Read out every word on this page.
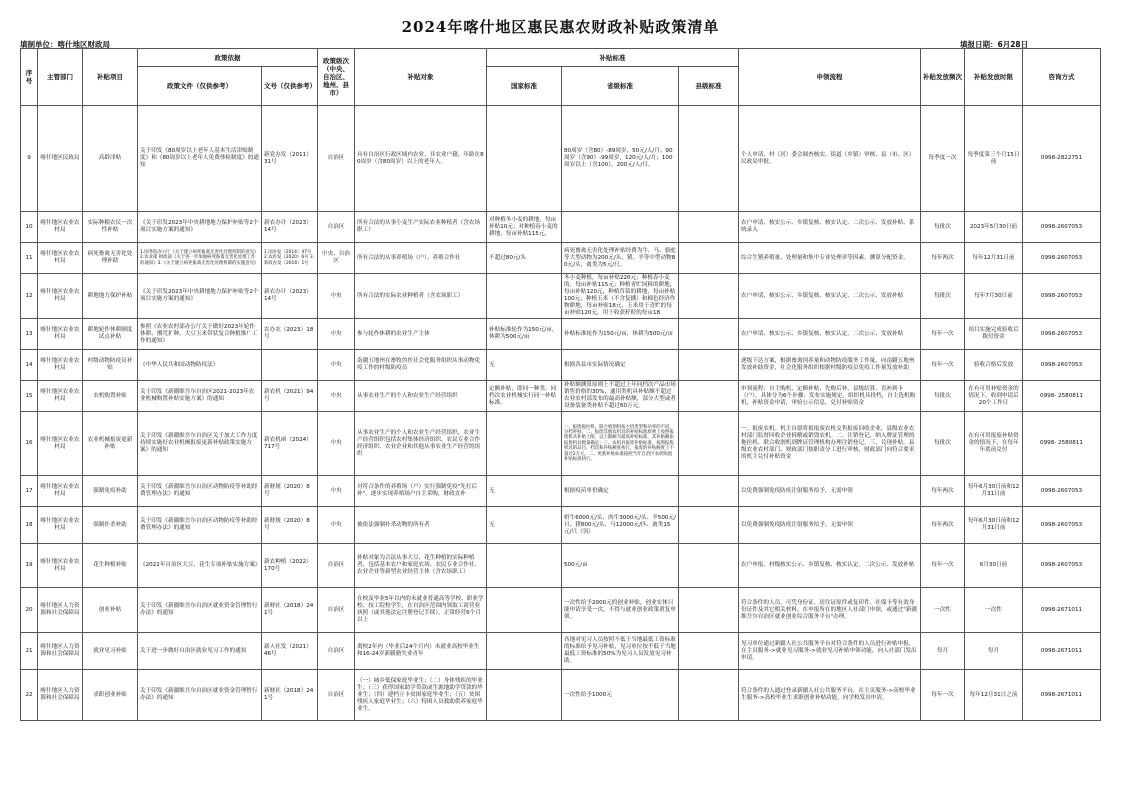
2024年喀什地区惠民惠农财政补贴政策清单
填制单位：喀什地区财政局	填报日期：6月28日
序号	主管部门	补贴项目	政策依据		政策级次（中央、自治区、地州、县市）	补贴对象	补贴标准			申领流程	补贴发放频次	补贴发放时限	咨询方式
			政策文件（仅供参考）	文号（仅供参考）			国家标准	省级标准	县级标准				
9	喀什地区民政局	高龄津贴	关于印发《80周岁以上老年人基本生活津贴制度》和《80周岁以上老年人免费体检制度》的通知	新党办发（2011）31号	自治区	具有自治区行政区域内农业、非农业户籍，年龄在80周岁（含80周岁）以上的老年人。		80周岁（含80）-89周岁，50元/人/月；90周岁（含90）-99周岁，120元/人/月；100周岁以上（含100），200元/人/月。		个人申请，村（居）委会调查核实、街道（乡镇）审核、县（市、区）民政局审批。	每季度一次	每季度第三个月15日前	0998-2822751
10	喀什地区农业农村局	实际种粮农民一次性补贴	《关于印发2023年中央耕地地力保护补贴等2个项目实施方案的通知》	新农办计（2023）14号	自治区	所有合法的从事小麦生产实际农业种植者（含农场职工）	对种植冬小麦的耕地，每亩补贴10元；对种植春小麦的耕地，每亩补贴115元。			农户申请、核实公示、乡镇复核、核实认定、二次公示、发放补贴、系统录入	每批次	2023年5月30日前	0998-2607053
11	喀什地区农业农村局	病死畜禽无害化处理补助	1.国务院办公厅《关于建立病死畜禽无害化处理机制的意见》2.农业部 财政部《关于进一步加强病死畜禽无害化处理工作的通知》3.《关于建立病死畜禽无害化处理机制的实施意见》	1.国办发（2014）47号 2.农医发（2020）6号 3.新政办发（2016）1号	中央、自治区	所有合法的从事养殖场（户）、养殖合作社	不超过80元/头	病死畜禽无害化处理补贴经费为牛、马、骆驼等大型动物为200元/头，猪、羊等中型动物80元/头，禽类为5元/只。		综合生猪养殖量、处理量和集中专业处理率等因素，测算分配资金。	每年两次	每年12月31日前	0998-2607053
12	喀什地区农业农村局	耕地地力保护补贴	《关于印发2023年中央耕地地力保护补贴等2个项目实施方案的通知》	新农办计（2023）14号	中央	所有合法的实际农业种植者（含农场职工）		冬小麦种植，每亩补贴220元；种植春小麦的，每亩补贴115元；种植青贮饲料的耕地，每亩补贴120元，种植苜蓿的耕地，每亩补贴100元；种植玉米（不含复播）和棉色经济作物耕地，每亩补贴18元，玉米用于青贮的每亩补贴120元，用于收获籽粒的每亩18		农户申请、核实公示、乡镇复核、核实认定、二次公示、发放补贴	每批次	每年7月30日前	0998-2607053
13	喀什地区农业农村局	耕地轮作休耕制度试点补贴	参照《农业农村部办公厅关于做好2023年轮作休耕、撂荒扩种、大豆玉米带状复合种植推广工作的通知》	农办农（2023）18号	中央	参与轮作休耕的农业生产主体	补贴标准轮作为150元/亩，休耕为500元/亩	补贴标准轮作为150元/亩，休耕为500元/亩		农户申请、核实公示、乡镇复核、核实认定、二次公示、发放补贴	每年一次	项目实施完成验收后拨付资金	0998-2607053
14	喀什地区农业农村局	村级动物防疫员补贴	《中华人民共和国动物防疫法》		中央	南疆五地州在畜牧兽医社会化服务组织从事动物免疫工作的村级防疫员	无	根据各县市实际情况确定		逐级下达方案，根据畜禽饲养量和动物防疫服务工作量，向南疆五地州发放补助资金，社会化服务组织根据村级防疫员免疫工作量发放补助	每年一次	验收合格后发放	0998-2607053
15	喀什地区农业农村局	农机购置补贴	关于印发《新疆维吾尔自治区2021-2023年农业机械购置补贴实施方案》的通知	新农机（2021）94号	中央	从事农业生产的个人和农业生产经营组织	定额补贴，即同一种类、同档次农业机械实行同一补贴标准。	补贴额测算原则上不超过上年同档次产品市场销售价格的30%，通用类机具补贴额不超过农业农村部发布的最高补贴额，部分大型或者设备装备类补贴不超过60万元。		申领流程：自主购机、定额补贴、先购后补、县级结算、直补到卡（户）。具体分为6个步骤：发布实施规定，组织机具投档，自主选机购机，补贴资金申请，审验公示信息，兑付补贴资金	每批次	在有可用补贴资金的情况下，收到申请后20个工作日	0998- 2580811
16	喀什地区农业农村局	农业机械报废更新补贴	关于印发《新疆维吾尔自治区关于加大工作力度持续实施好农业机械报废更新补贴政策实施方案》的通知	新农机函（2024）717号	中央	从事农业生产的个人和农业生产经营组织，农业生产经营组织包括农村集体经济组织、农民专业合作经济组织、农业企业和其他从事农业生产经营的组织		一、报废拖拉机、联合收割机按主机类型和功率的不同，分档补贴；二、报废其他农机具的补贴标准原则上按照报废机具补贴上限，以上限额为最高补贴标准，其补贴额由报废机具数量确定；三、农机具报废补贴标准，按照报废机具的品目、档次和补贴额度执行，报废的补贴额度上不超过2万元。二、更新补贴标准按照当年自治区农机购置补贴标准执行。		一、报废农机。机主自愿将拟报废农机交售报废回收企业，县级农业农村部门监督回收企业拆解或销毁农机。二、注销登记，纳入牌证管理的拖拉机、联合收割机到牌证管理机构办理注销登记。三、兑现补贴。县级农业农村部门、财政部门按职责分工进行审核，财政部门向符合要求的机主兑付补贴资金	每批次	在有可用报废补贴资金的情况下，在每年年底前兑付	0998- 2580811
17	喀什地区农业农村局	强制免疫补助	关于印发《新疆维吾尔自治区动物防疫等补助经费管理办法》的通知	新财规（2020）8号	中央	对符合条件的养殖场（户）实行强制免疫"先打后补"，逐步实现养殖场户自主采购，财政直补	无	根据疫苗单价确定		以免费强制免疫防疫注射服务给予，无需申领	每年两次	每年6月30日前和12月31日前	0998-2607053
18	喀什地区农业农村局	强制扑杀补助	关于印发《新疆维吾尔自治区动物防疫等补助经费管理办法》的通知	新财规（2020）8号	中央	被依法强制扑杀动物的所有者	无	奶牛6000元/头、肉牛3000元/头、羊500元/只、猪800元/头、马12000元/匹、禽类15元/只（羽）		以免费强制免疫防疫注射服务给予，无需申领	每年两次	每年6月30日前和12月31日前	0998-2607053
19	喀什地区农业农村局	花生种植补贴	《2022年自治区大豆、花生专项补贴实施方案》	新农种植（2022）170号	自治区	补贴对象为合法从事大豆、花生种植的实际种植者，包括基本农户和家庭农场、农民专业合作社、农业企业等新型农业经营主体（含农场职工）		500元/亩		农户申报、村级核实公示、乡镇复核、核实认定、二次公示、发放补贴	每年一次	6月30日前	0998-2607053
20	喀什地区人力资源和社会保障局	创业补贴	关于印发《新疆维吾尔自治区就业资金管理暂行办法》的通知	新财社（2018）241号	自治区	在校及毕业5年以内的未就业普通高等学校、职业学校、技工院校学生，在自治区范围内领取工商营业执照（或其他法定注册登记手续），正常经营6个月以上		一次性给予2000元的创业补贴，创业实体只能申请享受一次，不得与就业创业政策重复申领。		符合条件的人员，可凭身份证、居住证原件或复印件、社保卡等有效身份证件及其它相关材料，在申报所在的地区人社部门申领，或通过"新疆维吾尔自治区就业创业综合服务平台"办理。	一次性	一次性	0998-2671011
21	喀什地区人力资源和社会保障局	就业见习补贴	关于进一步做好自治区就业见习工作的通知	新人社发（2021）46号	自治区	离校2年内（毕业后24个月内）未就业高校毕业生和16-24岁新疆籍失业青年		各地对见习人员按照不低于当地最低工资标准的标准给予见习补贴，见习单位按不低于当地最低工资标准的50%为见习人员发放见习补助。		见习单位通过新疆人社公共服务平台对符合条件的人员进行补贴申报，在主页服务->就业见习服务->就业见习补贴申领功能，向人社部门发出申请。	每月	每月	0998-2671011
22	喀什地区人力资源和社会保障局	求职创业补贴	关于印发《新疆维吾尔自治区就业资金管理暂行办法》的通知	新财社（2018）241号	自治区	（一）城乡低保家庭毕业生；（二）身体残疾的毕业生；（三）获得国家助学贷款或生源地助学贷款的毕业生；（四）建档立卡贫困家庭毕业生；（五）贫困残疾人家庭毕业生；（六）特困人员救助供养家庭毕业生。		一次性给予1000元		符合条件的人通过登录新疆人社公共服务平台，在主页服务->高校毕业生服务->高校毕业生求职创业补贴功能，向学校发出申请。	每年一次	每年12月31日之前	0998-2671011
